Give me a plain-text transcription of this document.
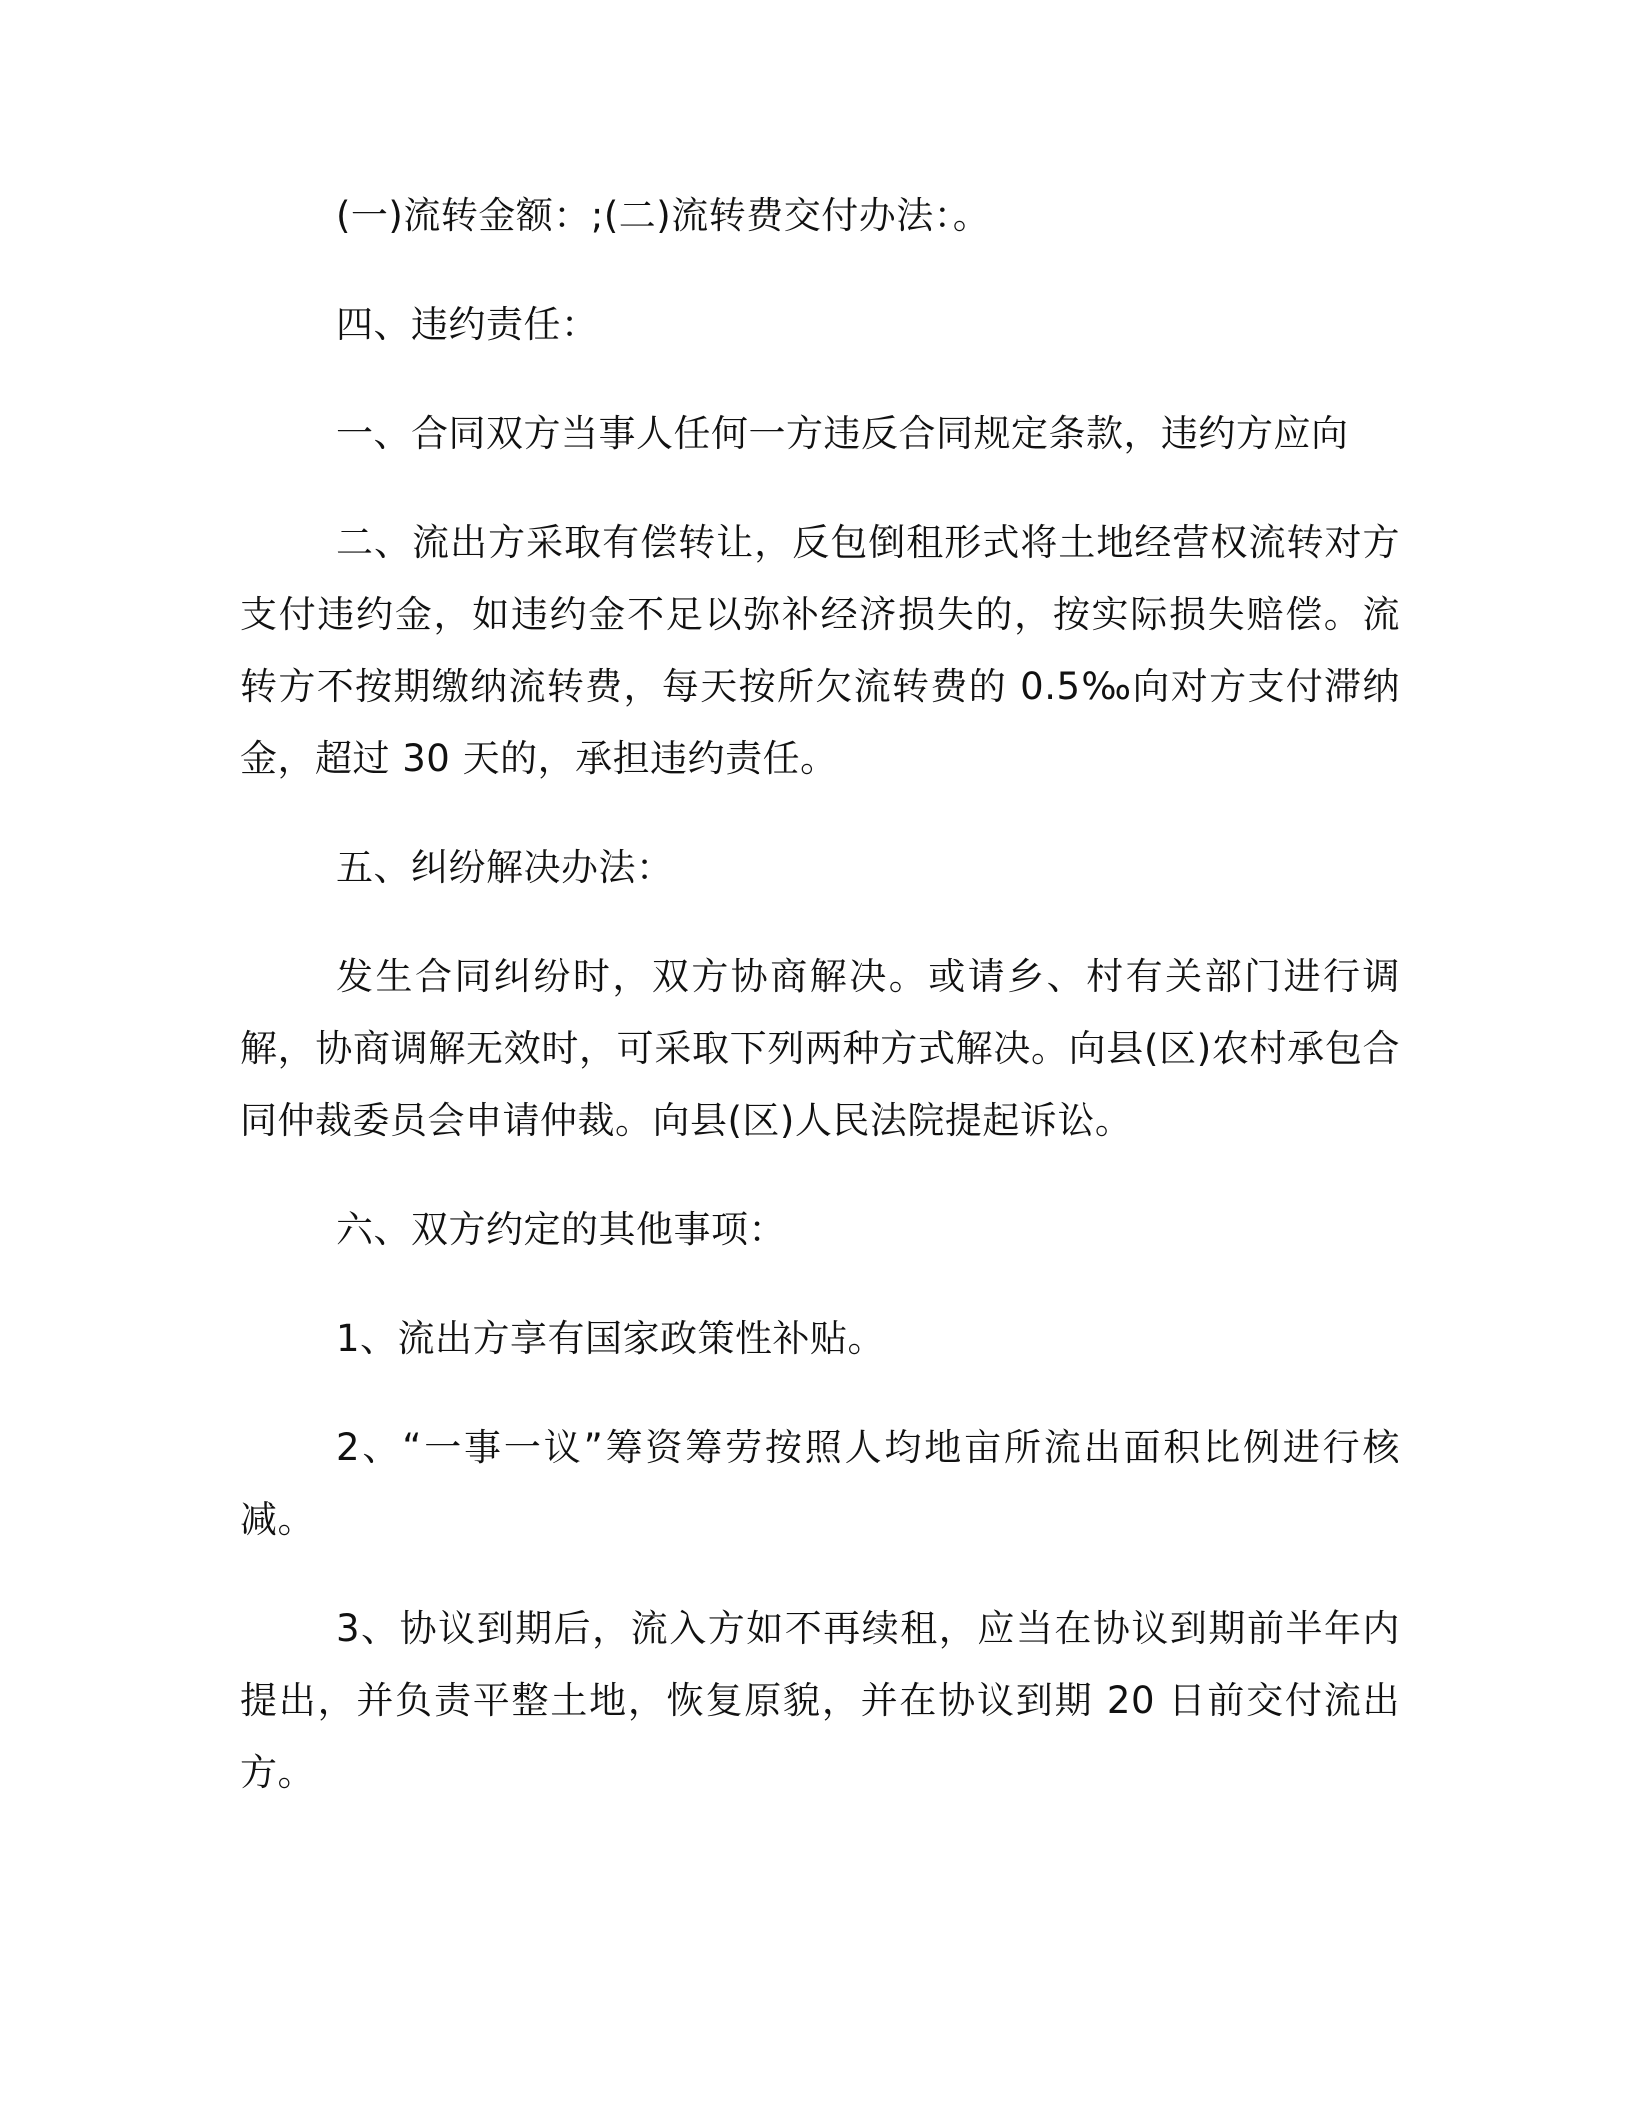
(一)流转金额：;(二)流转费交付办法：。

四、违约责任：

一、合同双方当事人任何一方违反合同规定条款，违约方应向

二、流出方采取有偿转让，反包倒租形式将土地经营权流转对方支付违约金，如违约金不足以弥补经济损失的，按实际损失赔偿。流转方不按期缴纳流转费，每天按所欠流转费的 0.5‰向对方支付滞纳金，超过 30 天的，承担违约责任。

五、纠纷解决办法：

发生合同纠纷时，双方协商解决。或请乡、村有关部门进行调解，协商调解无效时，可采取下列两种方式解决。向县(区)农村承包合同仲裁委员会申请仲裁。向县(区)人民法院提起诉讼。

六、双方约定的其他事项：

1、流出方享有国家政策性补贴。

2、“一事一议”筹资筹劳按照人均地亩所流出面积比例进行核减。

3、协议到期后，流入方如不再续租，应当在协议到期前半年内提出，并负责平整土地，恢复原貌，并在协议到期 20 日前交付流出方。
